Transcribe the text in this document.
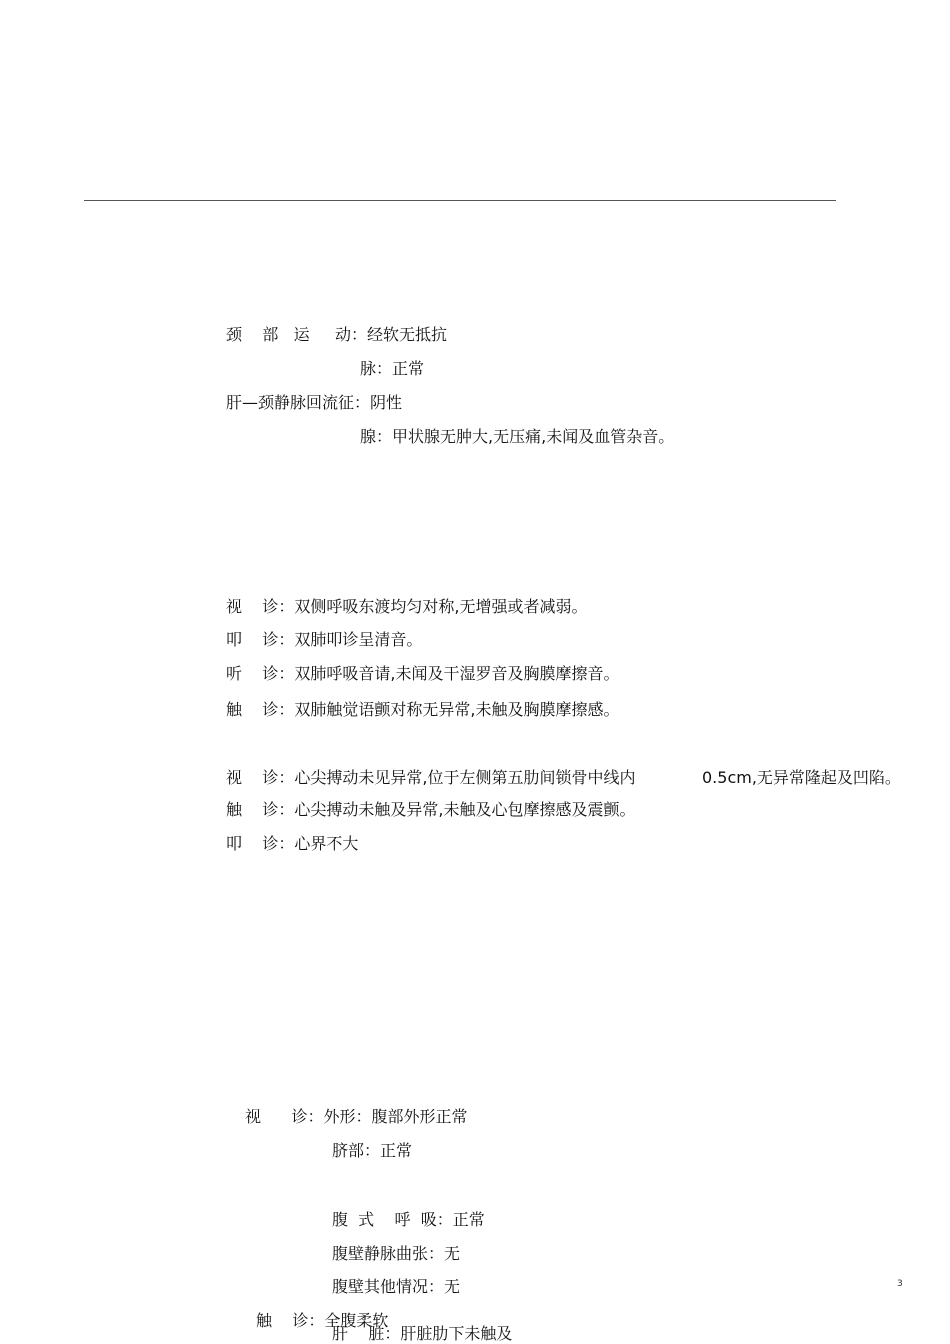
颈    部   运     动：经软无抵抗
脉：正常
肝—颈静脉回流征：阴性
腺：甲状腺无肿大,无压痛,未闻及血管杂音。
视    诊：双侧呼吸东渡均匀对称,无增强或者减弱。
叩    诊：双肺叩诊呈清音。
听    诊：双肺呼吸音请,未闻及干湿罗音及胸膜摩擦音。
触    诊：双肺触觉语颤对称无异常,未触及胸膜摩擦感。
视    诊：心尖搏动未见异常,位于左侧第五肋间锁骨中线内	0.5cm,无异常隆起及凹陷。
触    诊：心尖搏动未触及异常,未触及心包摩擦感及震颤。
叩    诊：心界不大
视      诊：外形：腹部外形正常
脐部：正常
腹  式    呼  吸：正常
腹壁静脉曲张：无
腹壁其他情况：无
触    诊：全腹柔软
肝    脏：肝脏肋下未触及
3
